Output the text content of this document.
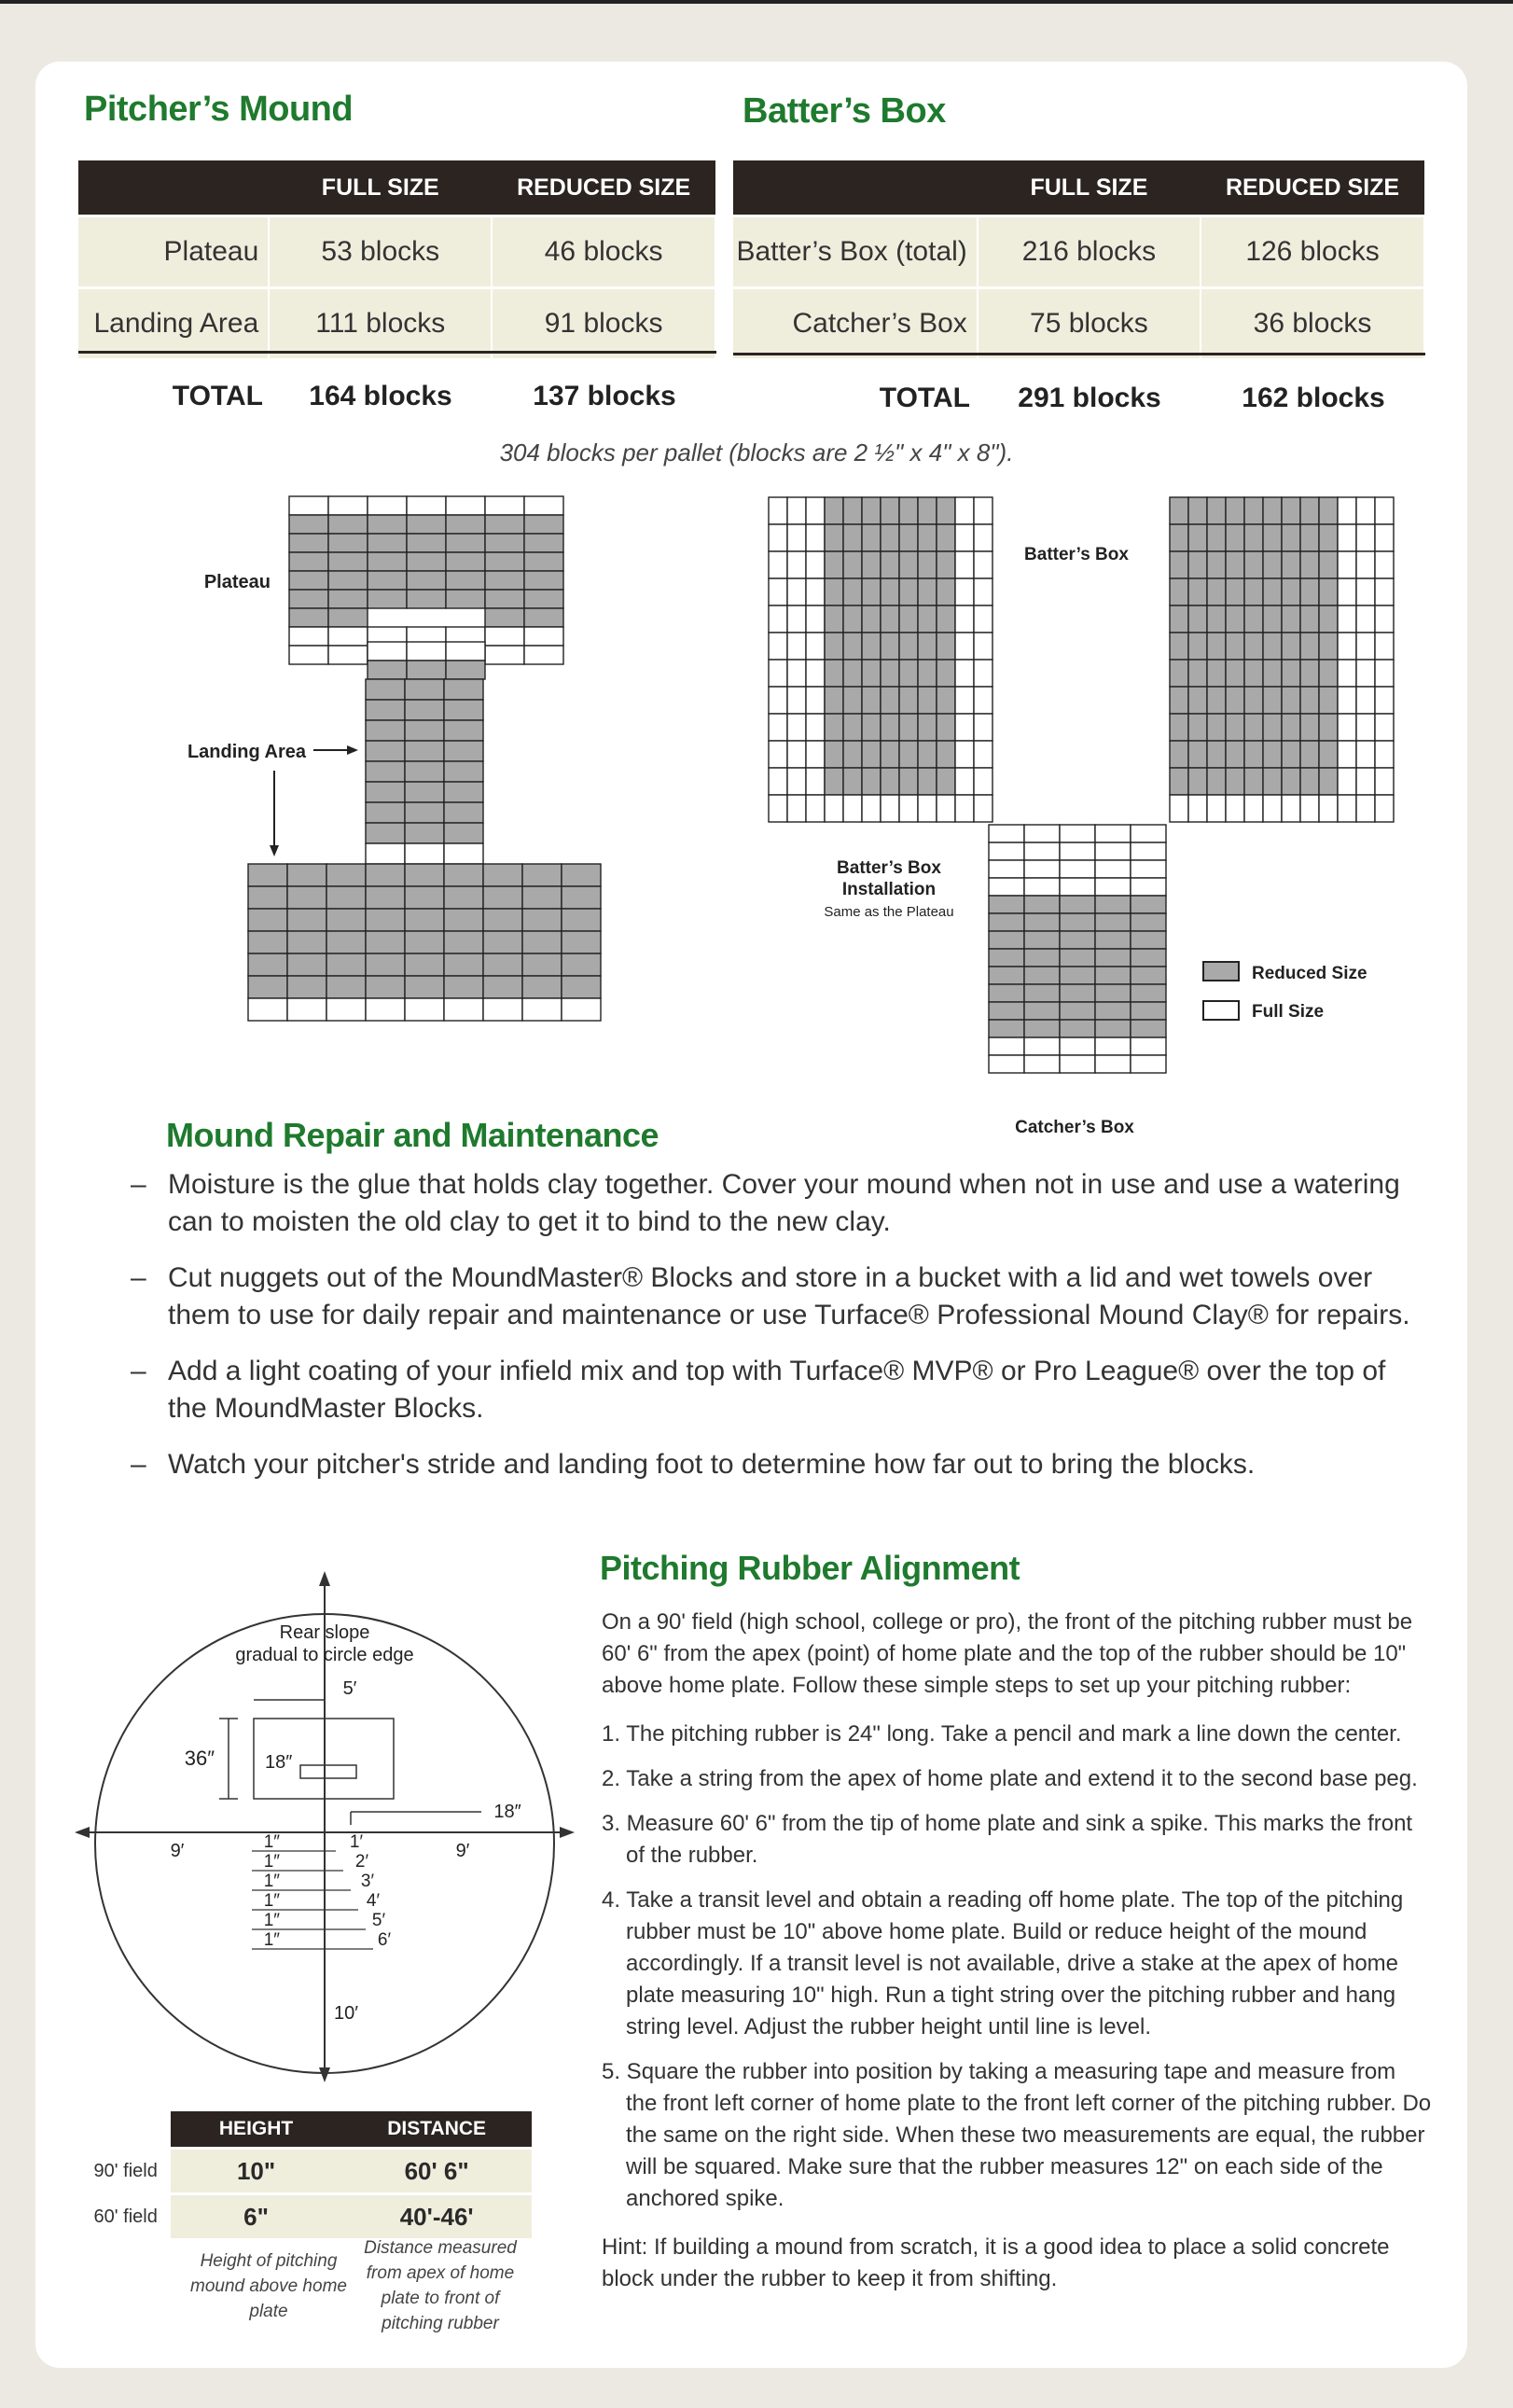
Pitcher’s Mound	Batter’s Box
	FULL SIZE	REDUCED SIZE
Plateau	53 blocks	46 blocks
Landing Area	111 blocks	91 blocks
TOTAL	164 blocks	137 blocks
	FULL SIZE	REDUCED SIZE
Batter’s Box (total)	216 blocks	126 blocks
Catcher’s Box	75 blocks	36 blocks
TOTAL	291 blocks	162 blocks
304 blocks per pallet (blocks are 2 ½" x 4" x 8").
Plateau
Landing Area
Batter’s Box
Batter’s Box
Installation
Same as the Plateau
Catcher’s Box
Reduced Size
Full Size
Mound Repair and Maintenance
– Moisture is the glue that holds clay together. Cover your mound when not in use and use a watering can to moisten the old clay to get it to bind to the new clay.
– Cut nuggets out of the MoundMaster® Blocks and store in a bucket with a lid and wet towels over them to use for daily repair and maintenance or use Turface® Professional Mound Clay® for repairs.
– Add a light coating of your infield mix and top with Turface® MVP® or Pro League® over the top of the MoundMaster Blocks.
– Watch your pitcher's stride and landing foot to determine how far out to bring the blocks.
Pitching Rubber Alignment

On a 90' field (high school, college or pro), the front of the pitching rubber must be 60' 6" from the apex (point) of home plate and the top of the rubber should be 10" above home plate. Follow these simple steps to set up your pitching rubber:

1. The pitching rubber is 24" long. Take a pencil and mark a line down the center.
2. Take a string from the apex of home plate and extend it to the second base peg.
3. Measure 60' 6" from the tip of home plate and sink a spike. This marks the front of the rubber.
4. Take a transit level and obtain a reading off home plate. The top of the pitching rubber must be 10" above home plate. Build or reduce height of the mound accordingly. If a transit level is not available, drive a stake at the apex of home plate measuring 10" high. Run a tight string over the pitching rubber and hang string level. Adjust the rubber height until line is level.
5. Square the rubber into position by taking a measuring tape and measure from the front left corner of home plate to the front left corner of the pitching rubber. Do the same on the right side. When these two measurements are equal, the rubber will be squared. Make sure that the rubber measures 12" on each side of the anchored spike.

Hint: If building a mound from scratch, it is a good idea to place a solid concrete block under the rubber to keep it from shifting.

Rear slope
gradual to circle edge
5′
18″
36″
18″
9′	9′
1″
1″
1″
1″
1″
1″
1′
2′
3′
4′
5′
6′
10′
	HEIGHT	DISTANCE
90' field	10"	60' 6"
60' field	6"	40'-46'
Height of pitching mound above home plate
Distance measured from apex of home plate to front of pitching rubber
